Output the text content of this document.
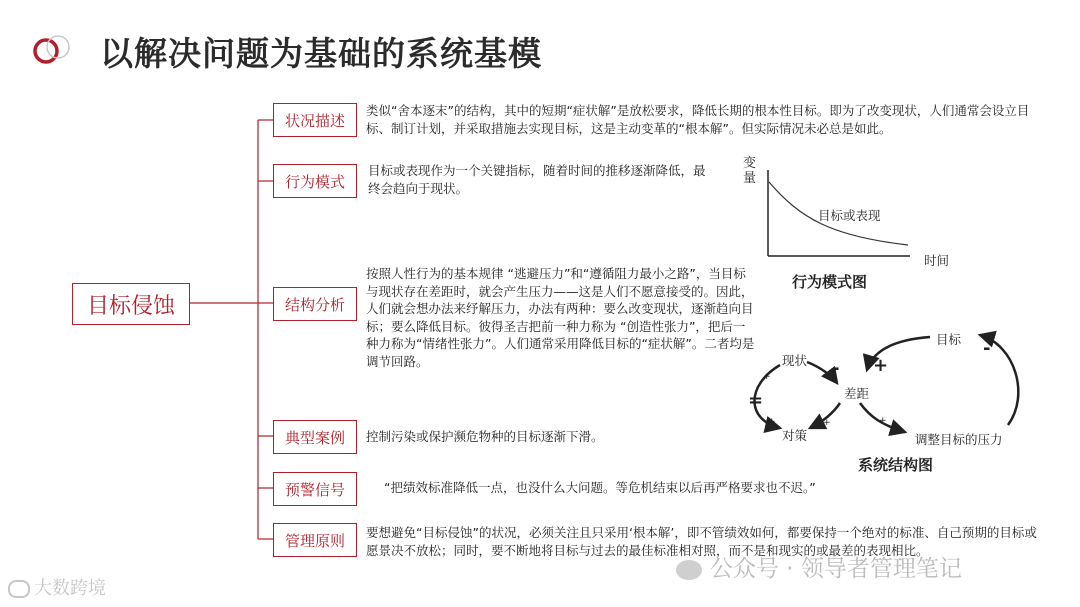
以解决问题为基础的系统基模
目标侵蚀
状况描述
行为模式
结构分析
典型案例
预警信号
管理原则
类似“舍本逐末”的结构，其中的短期“症状解”是放松要求，降低长期的根本性目标。即为了改变现状，人们通常会设立目标、制订计划，并采取措施去实现目标，这是主动变革的“根本解”。但实际情况未必总是如此。
目标或表现作为一个关键指标，随着时间的推移逐渐降低，最终会趋向于现状。
按照人性行为的基本规律 “逃避压力”和“遵循阻力最小之路”，当目标与现状存在差距时，就会产生压力——这是人们不愿意接受的。因此，人们就会想办法来纾解压力，办法有两种：要么改变现状，逐渐趋向目标；要么降低目标。彼得圣吉把前一种力称为 “创造性张力”，把后一种力称为“情绪性张力”。人们通常采用降低目标的“症状解”。二者均是调节回路。
控制污染或保护濒危物种的目标逐渐下滑。
“把绩效标准降低一点，也没什么大问题。等危机结束以后再严格要求也不迟。”
要想避免“目标侵蚀”的状况，必须关注且只采用‘根本解’，即不管绩效如何，都要保持一个绝对的标准、自己预期的目标或愿景决不放松；同时，要不断地将目标与过去的最佳标准相对照，而不是和现实的或最差的表现相比。
变量
时间
目标或表现
行为模式图
目标
现状
差距
对策	调整目标的压力
-
+
-
=
+
+	+	+
系统结构图
大数跨境
公众号 · 领导者管理笔记
